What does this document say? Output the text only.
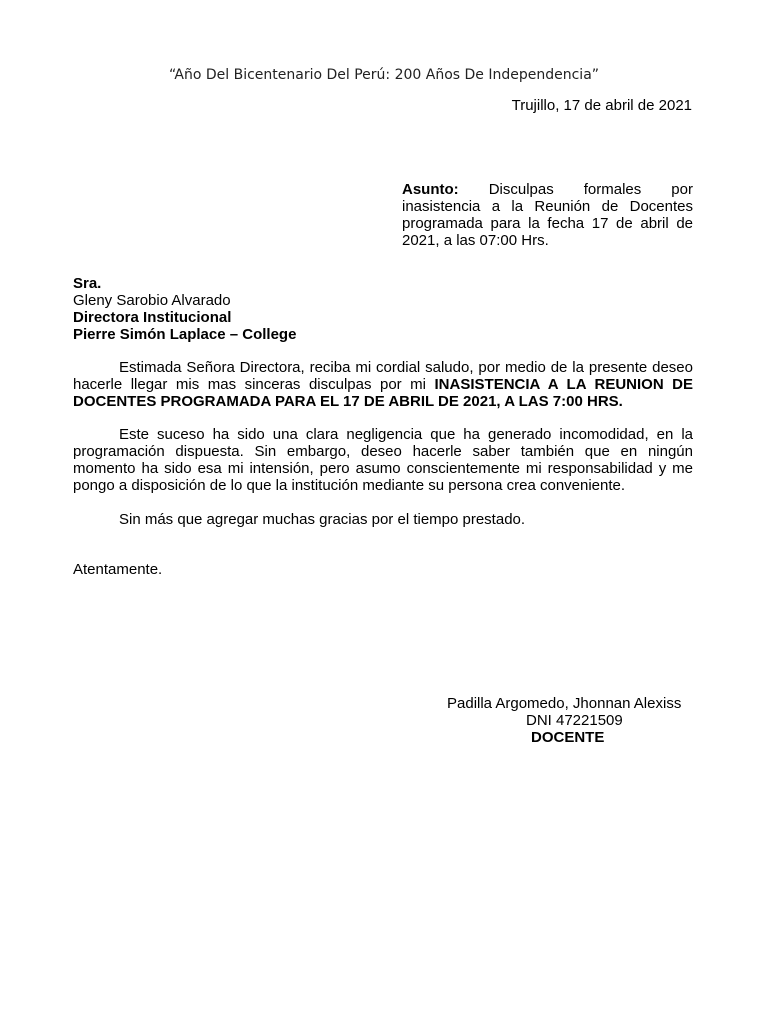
“Año Del Bicentenario Del Perú: 200 Años De Independencia”
Trujillo, 17 de abril de 2021
Asunto: Disculpas formales por inasistencia a la Reunión de Docentes programada para la fecha 17 de abril de 2021, a las 07:00 Hrs.
Sra.
Gleny Sarobio Alvarado
Directora Institucional
Pierre Simón Laplace – College

Estimada Señora Directora, reciba mi cordial saludo, por medio de la presente deseo hacerle llegar mis mas sinceras disculpas por mi INASISTENCIA A LA REUNION DE DOCENTES PROGRAMADA PARA EL 17 DE ABRIL DE 2021, A LAS 7:00 HRS.

Este suceso ha sido una clara negligencia que ha generado incomodidad, en la programación dispuesta. Sin embargo, deseo hacerle saber también que en ningún momento ha sido esa mi intensión, pero asumo conscientemente mi responsabilidad y me pongo a disposición de lo que la institución mediante su persona crea conveniente.

Sin más que agregar muchas gracias por el tiempo prestado.

Atentamente.
Padilla Argomedo, Jhonnan Alexiss
DNI 47221509
DOCENTE
